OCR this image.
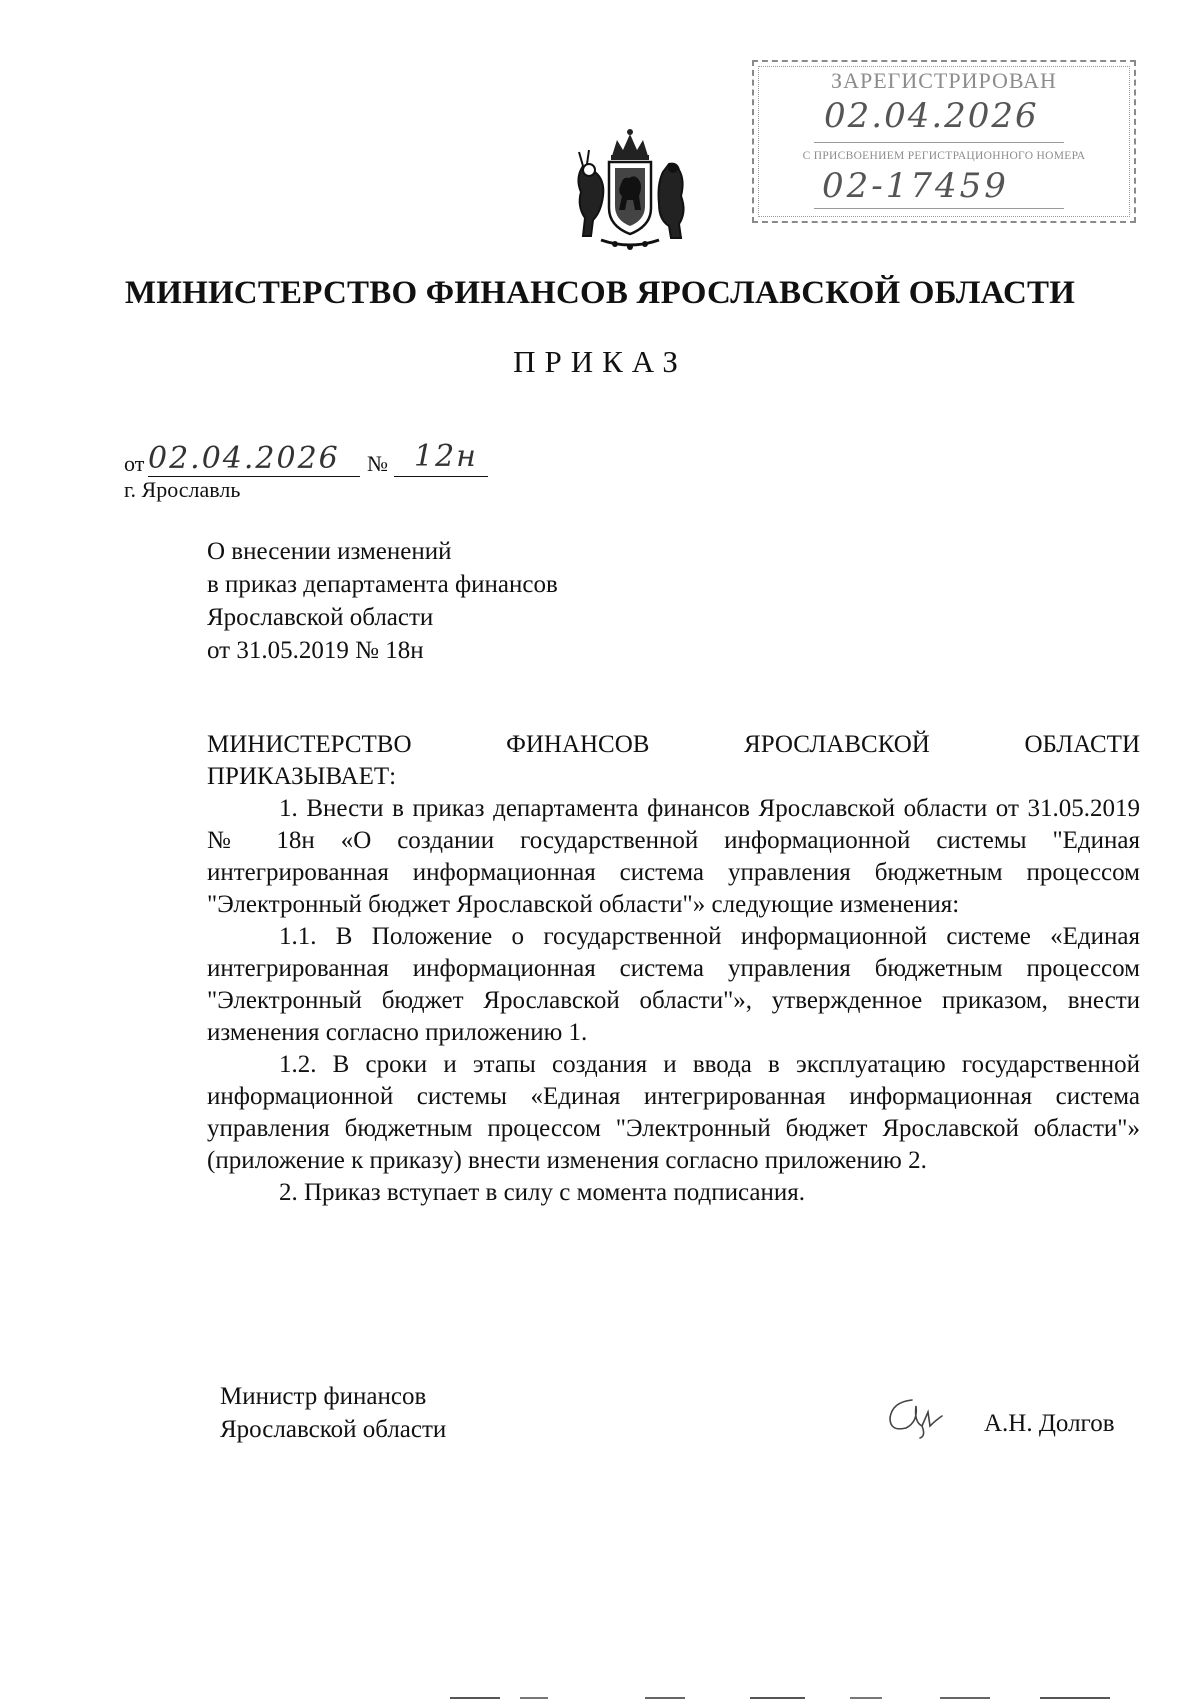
ЗАРЕГИСТРИРОВАН
02.04.2026
С ПРИСВОЕНИЕМ РЕГИСТРАЦИОННОГО НОМЕРА
02-17459
МИНИСТЕРСТВО ФИНАНСОВ ЯРОСЛАВСКОЙ ОБЛАСТИ
ПРИКАЗ
от 02.04.2026 № 12н
г. Ярославль
О внесении изменений
в приказ департамента финансов
Ярославской области
от 31.05.2019 № 18н

МИНИСТЕРСТВО ФИНАНСОВ ЯРОСЛАВСКОЙ ОБЛАСТИ

ПРИКАЗЫВАЕТ:

1. Внести в приказ департамента финансов Ярославской области от 31.05.2019 № 18н «О создании государственной информационной системы "Единая интегрированная информационная система управления бюджетным процессом "Электронный бюджет Ярославской области"» следующие изменения:

1.1. В Положение о государственной информационной системе «Единая интегрированная информационная система управления бюджетным процессом "Электронный бюджет Ярославской области"», утвержденное приказом, внести изменения согласно приложению 1.

1.2. В сроки и этапы создания и ввода в эксплуатацию государственной информационной системы «Единая интегрированная информационная система управления бюджетным процессом "Электронный бюджет Ярославской области"» (приложение к приказу) внести изменения согласно приложению 2.

2. Приказ вступает в силу с момента подписания.

Министр финансов
Ярославской области	А.Н. Долгов
